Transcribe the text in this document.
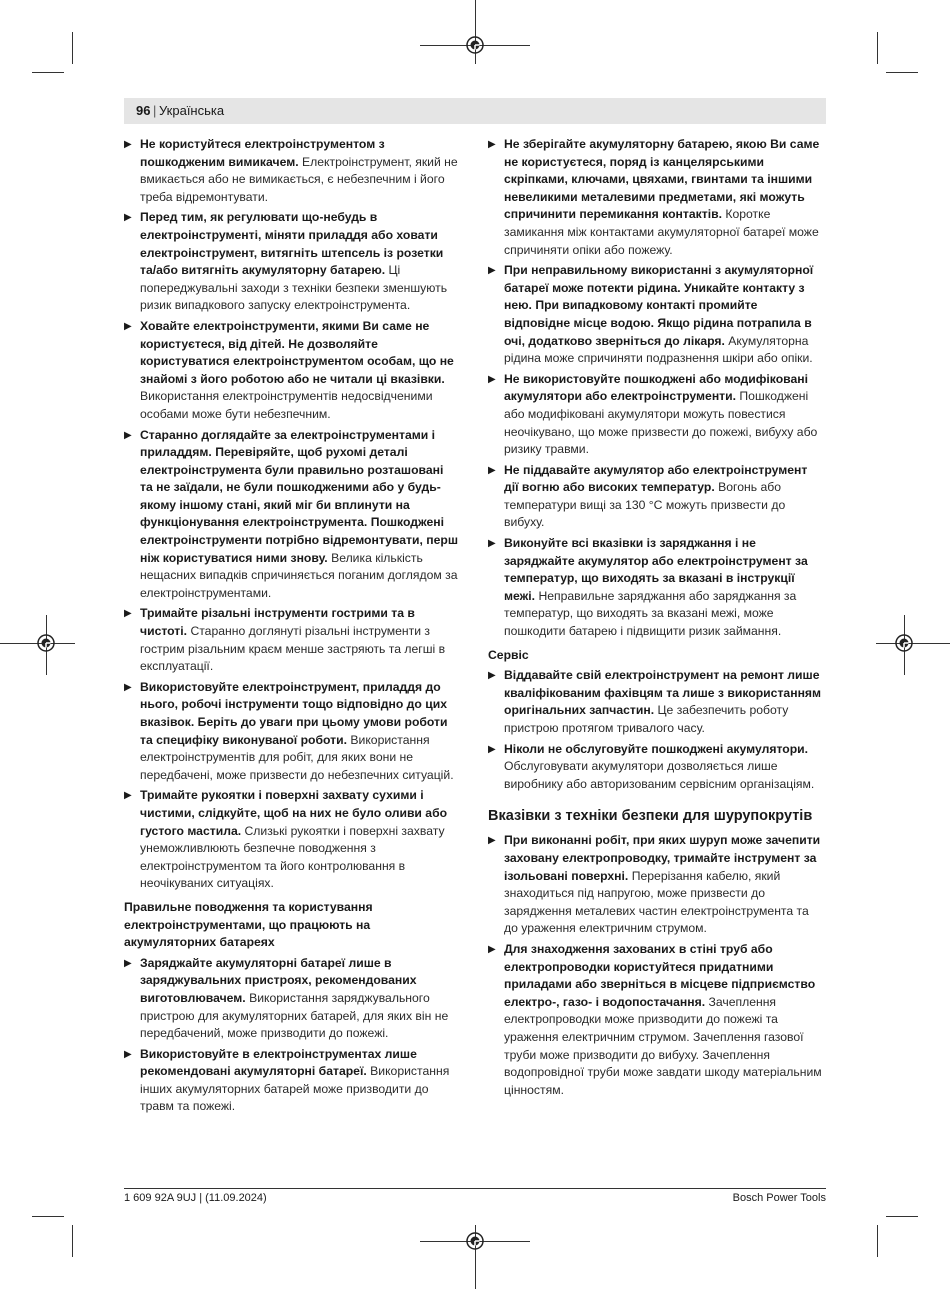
96 | Українська
▶ Не користуйтеся електроінструментом з пошкодженим вимикачем. Електроінструмент, який не вмикається або не вимикається, є небезпечним і його треба відремонтувати.
▶ Перед тим, як регулювати що-небудь в електроінструменті, міняти приладдя або ховати електроінструмент, витягніть штепсель із розетки та/або витягніть акумуляторну батарею. Ці попереджувальні заходи з техніки безпеки зменшують ризик випадкового запуску електроінструмента.
▶ Ховайте електроінструменти, якими Ви саме не користуєтеся, від дітей. Не дозволяйте користуватися електроінструментом особам, що не знайомі з його роботою або не читали ці вказівки. Використання електроінструментів недосвідченими особами може бути небезпечним.
▶ Старанно доглядайте за електроінструментами і приладдям. Перевіряйте, щоб рухомі деталі електроінструмента були правильно розташовані та не заїдали, не були пошкодженими або у будь-якому іншому стані, який міг би вплинути на функціонування електроінструмента. Пошкоджені електроінструменти потрібно відремонтувати, перш ніж користуватися ними знову. Велика кількість нещасних випадків спричиняється поганим доглядом за електроінструментами.
▶ Тримайте різальні інструменти гострими та в чистоті. Старанно доглянуті різальні інструменти з гострим різальним краєм менше застряють та легші в експлуатації.
▶ Використовуйте електроінструмент, приладдя до нього, робочі інструменти тощо відповідно до цих вказівок. Беріть до уваги при цьому умови роботи та специфіку виконуваної роботи. Використання електроінструментів для робіт, для яких вони не передбачені, може призвести до небезпечних ситуацій.
▶ Тримайте рукоятки і поверхні захвату сухими і чистими, слідкуйте, щоб на них не було оливи або густого мастила. Слизькі рукоятки і поверхні захвату унеможливлюють безпечне поводження з електроінструментом та його контролювання в неочікуваних ситуаціях.
Правильне поводження та користування електроінструментами, що працюють на акумуляторних батареях
▶ Заряджайте акумуляторні батареї лише в заряджувальних пристроях, рекомендованих виготовлювачем. Використання заряджувального пристрою для акумуляторних батарей, для яких він не передбачений, може призводити до пожежі.
▶ Використовуйте в електроінструментах лише рекомендовані акумуляторні батареї. Використання інших акумуляторних батарей може призводити до травм та пожежі.
▶ Не зберігайте акумуляторну батарею, якою Ви саме не користуєтеся, поряд із канцелярськими скріпками, ключами, цвяхами, гвинтами та іншими невеликими металевими предметами, які можуть спричинити перемикання контактів. Коротке замикання між контактами акумуляторної батареї може спричиняти опіки або пожежу.
▶ При неправильному використанні з акумуляторної батареї може потекти рідина. Уникайте контакту з нею. При випадковому контакті промийте відповідне місце водою. Якщо рідина потрапила в очі, додатково зверніться до лікаря. Акумуляторна рідина може спричиняти подразнення шкіри або опіки.
▶ Не використовуйте пошкоджені або модифіковані акумулятори або електроінструменти. Пошкоджені або модифіковані акумулятори можуть повестися неочікувано, що може призвести до пожежі, вибуху або ризику травми.
▶ Не піддавайте акумулятор або електроінструмент дії вогню або високих температур. Вогонь або температури вищі за 130 °C можуть призвести до вибуху.
▶ Виконуйте всі вказівки із заряджання і не заряджайте акумулятор або електроінструмент за температур, що виходять за вказані в інструкції межі. Неправильне заряджання або заряджання за температур, що виходять за вказані межі, може пошкодити батарею і підвищити ризик займання.
Сервіс
▶ Віддавайте свій електроінструмент на ремонт лише кваліфікованим фахівцям та лише з використанням оригінальних запчастин. Це забезпечить роботу пристрою протягом тривалого часу.
▶ Ніколи не обслуговуйте пошкоджені акумулятори. Обслуговувати акумулятори дозволяється лише виробнику або авторизованим сервісним організаціям.
Вказівки з техніки безпеки для шурупокрутів
▶ При виконанні робіт, при яких шуруп може зачепити заховану електропроводку, тримайте інструмент за ізольовані поверхні. Перерізання кабелю, який знаходиться під напругою, може призвести до зарядження металевих частин електроінструмента та до ураження електричним струмом.
▶ Для знаходження захованих в стіні труб або електропроводки користуйтеся придатними приладами або зверніться в місцеве підприємство електро-, газо- і водопостачання. Зачеплення електропроводки може призводити до пожежі та ураження електричним струмом. Зачеплення газової труби може призводити до вибуху. Зачеплення водопровідної труби може завдати шкоду матеріальним цінностям.
1 609 92A 9UJ | (11.09.2024)	Bosch Power Tools
